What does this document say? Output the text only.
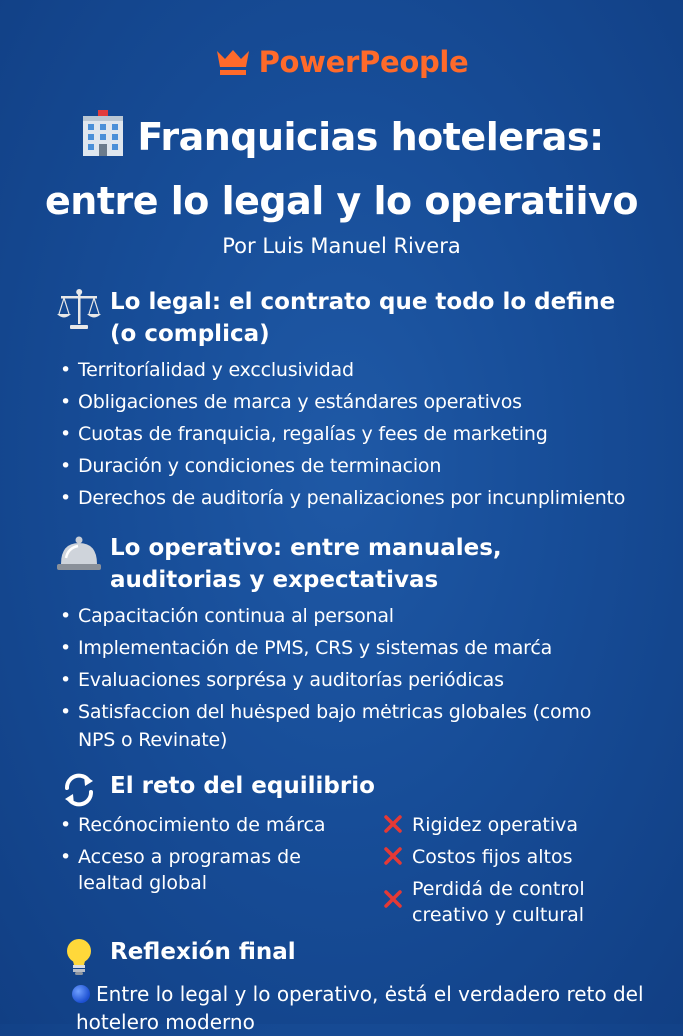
PowerPeople
Franquicias hoteleras:
entre lo legal y lo operatiivo
Por Luis Manuel Rivera
Lo legal: el contrato que todo lo define
(o complica)
• Territoríalidad y excclusividad
• Obligaciones de marca y estándares operativos
• Cuotas de franquicia, regalías y fees de marketing
• Duración y condiciones de terminacion
• Derechos de auditoría y penalizaciones por incunplimiento
Lo operativo: entre manuales,
auditorias y expectativas
• Capacitación continua al personal
• Implementación de PMS, CRS y sistemas de marća
• Evaluaciones sorprésa y auditorías periódicas
• Satisfaccion del huėsped bajo mėtricas globales (como NPS o Revinate)
El reto del equilibrio
• Recónocimiento de márca
• Acceso a programas de lealtad global
Rigidez operativa
Costos fijos altos
Perdidá de control creativo y cultural
Reflexión final
Entre lo legal y lo operativo, ėstá el verdadero reto del hotelero moderno
